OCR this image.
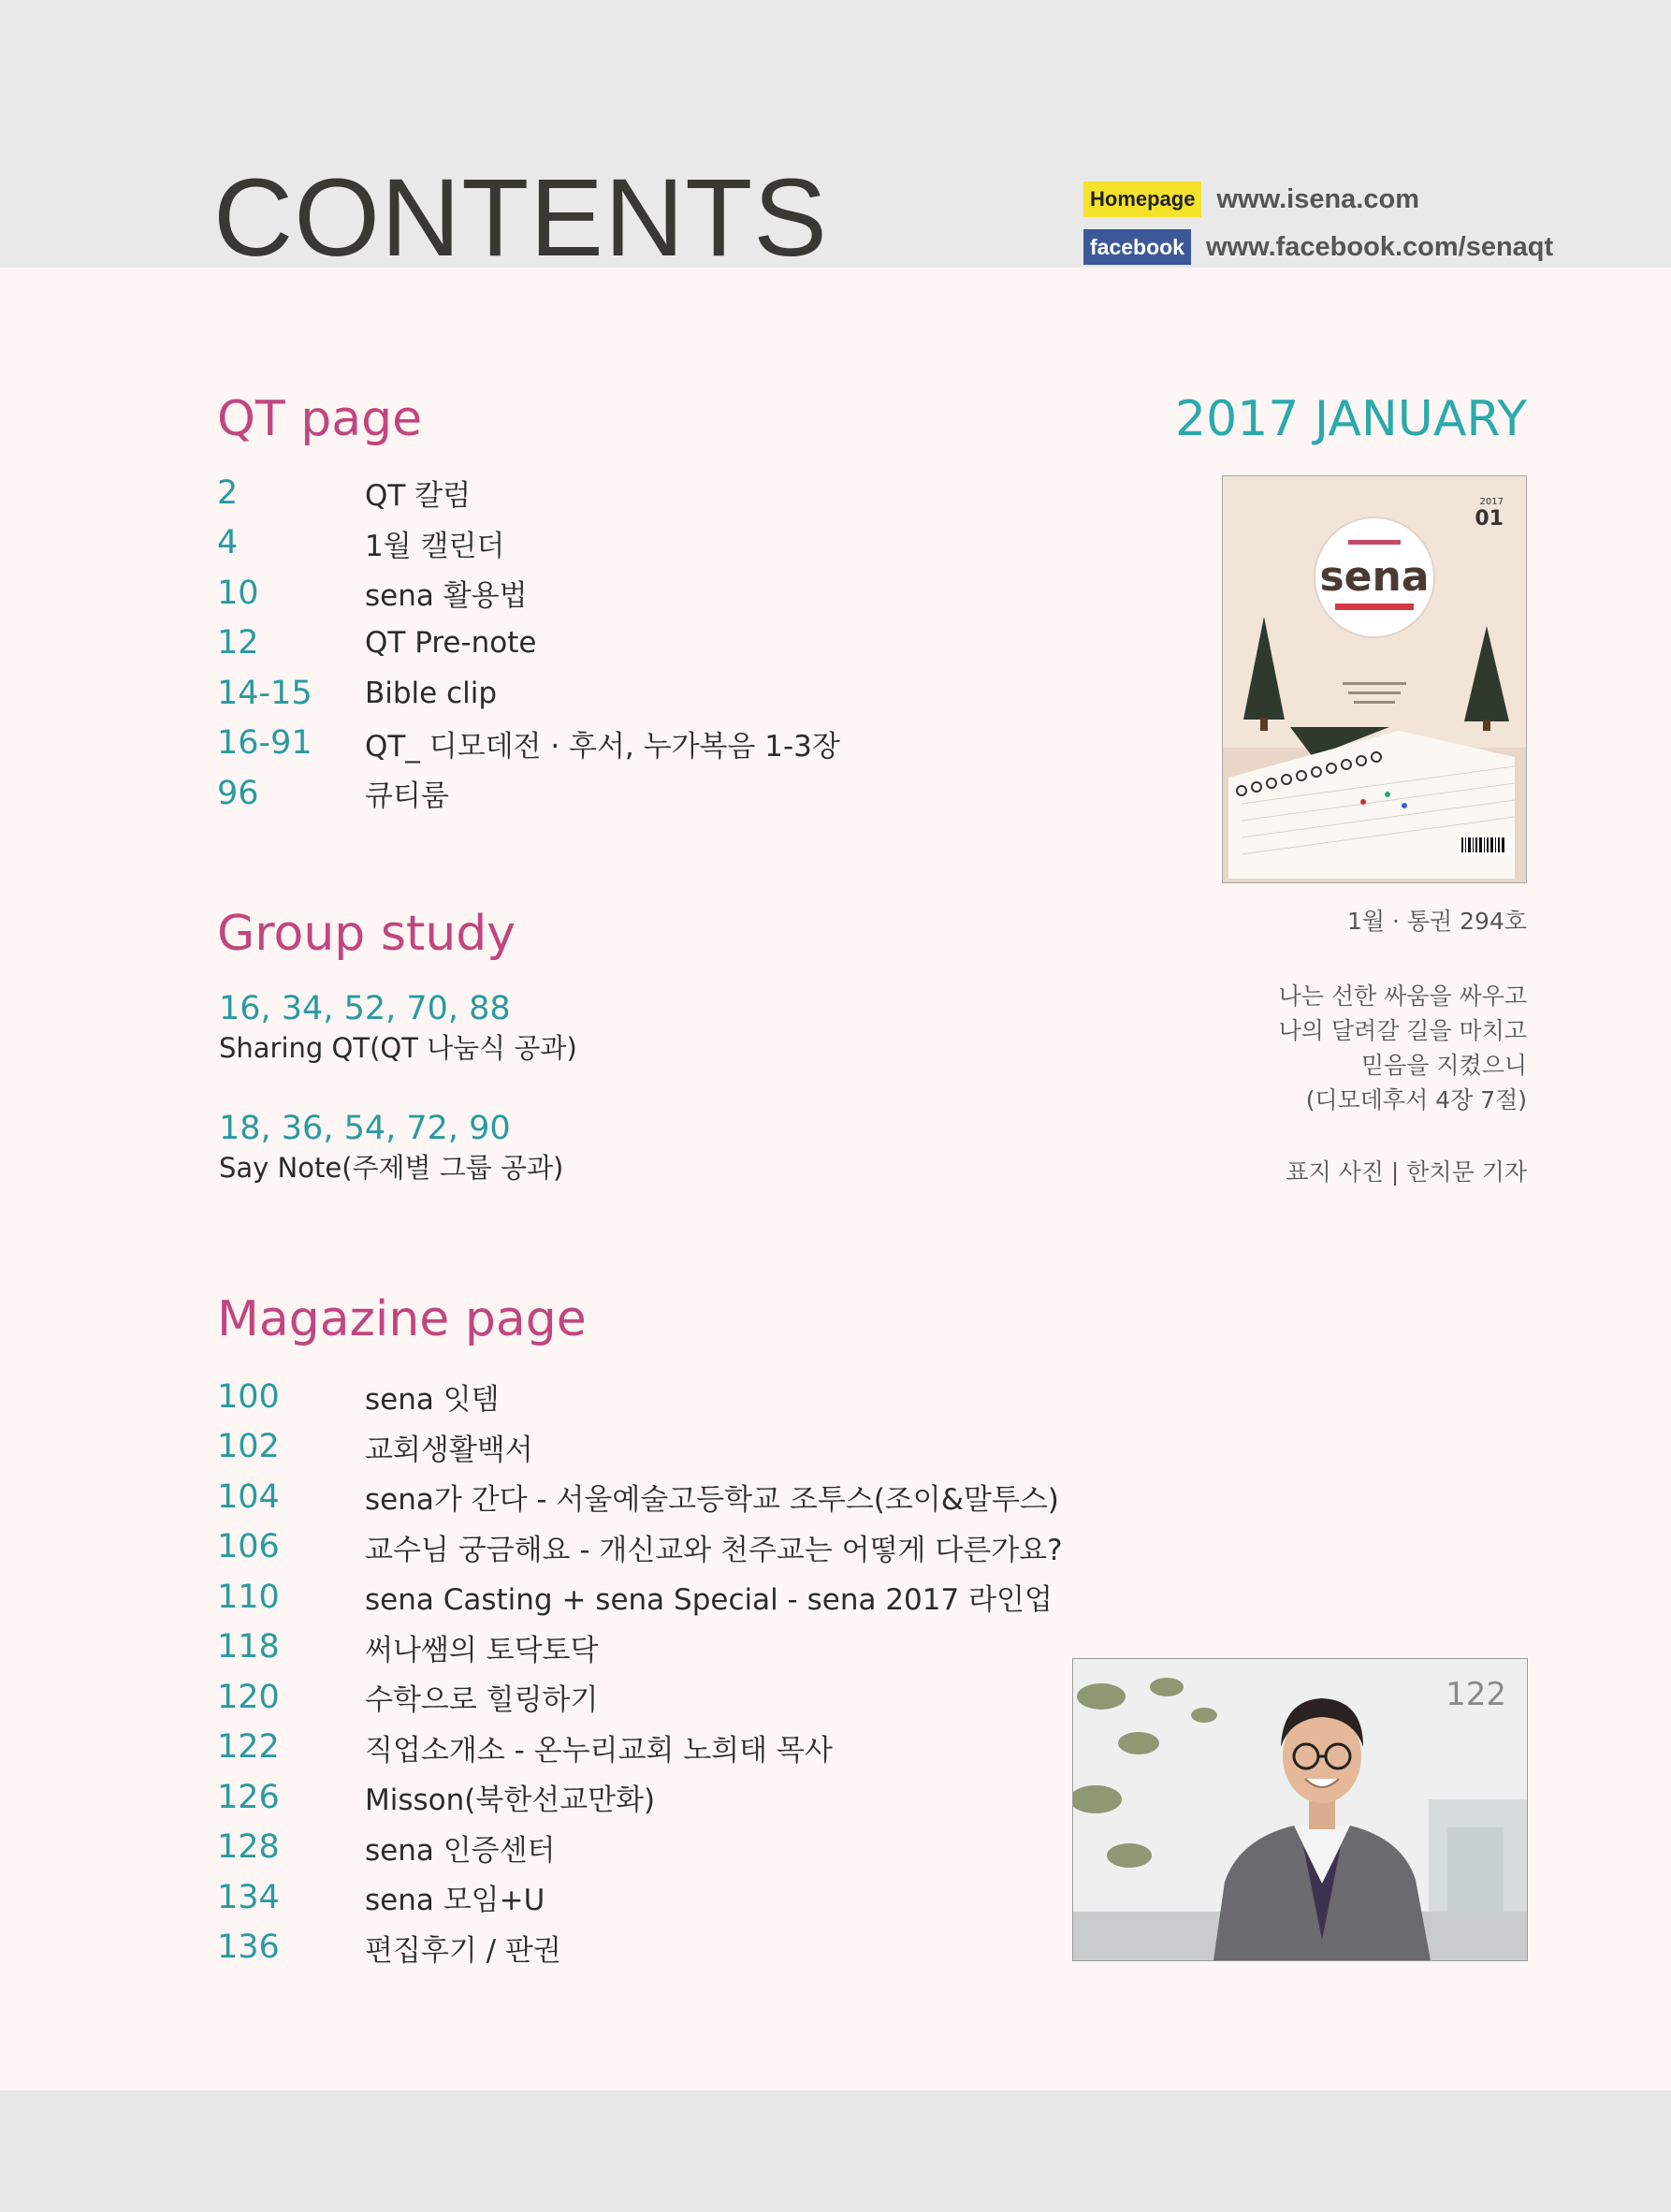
CONTENTS	Homepage www.isena.com
facebook www.facebook.com/senaqt
QT page
2	QT 칼럼
4	1월 캘린더
10	sena 활용법
12	QT Pre-note
14-15	Bible clip
16-91	QT_ 디모데전 · 후서, 누가복음 1-3장
96	큐티룸
Group study
16, 34, 52, 70, 88
Sharing QT(QT 나눔식 공과)
18, 36, 54, 72, 90
Say Note(주제별 그룹 공과)
Magazine page
100	sena 잇템
102	교회생활백서
104	sena가 간다 - 서울예술고등학교 조투스(조이&말투스)
106	교수님 궁금해요 - 개신교와 천주교는 어떻게 다른가요?
110	sena Casting + sena Special - sena 2017 라인업
118	써나쌤의 토닥토닥
120	수학으로 힐링하기
122	직업소개소 - 온누리교회 노희태 목사
126	Misson(북한선교만화)
128	sena 인증센터
134	sena 모임+U
136	편집후기 / 판권
2017 JANUARY
2017
01
sena
1월 · 통권 294호
나는 선한 싸움을 싸우고
나의 달려갈 길을 마치고
믿음을 지켰으니
(디모데후서 4장 7절)
표지 사진 | 한치문 기자
122
